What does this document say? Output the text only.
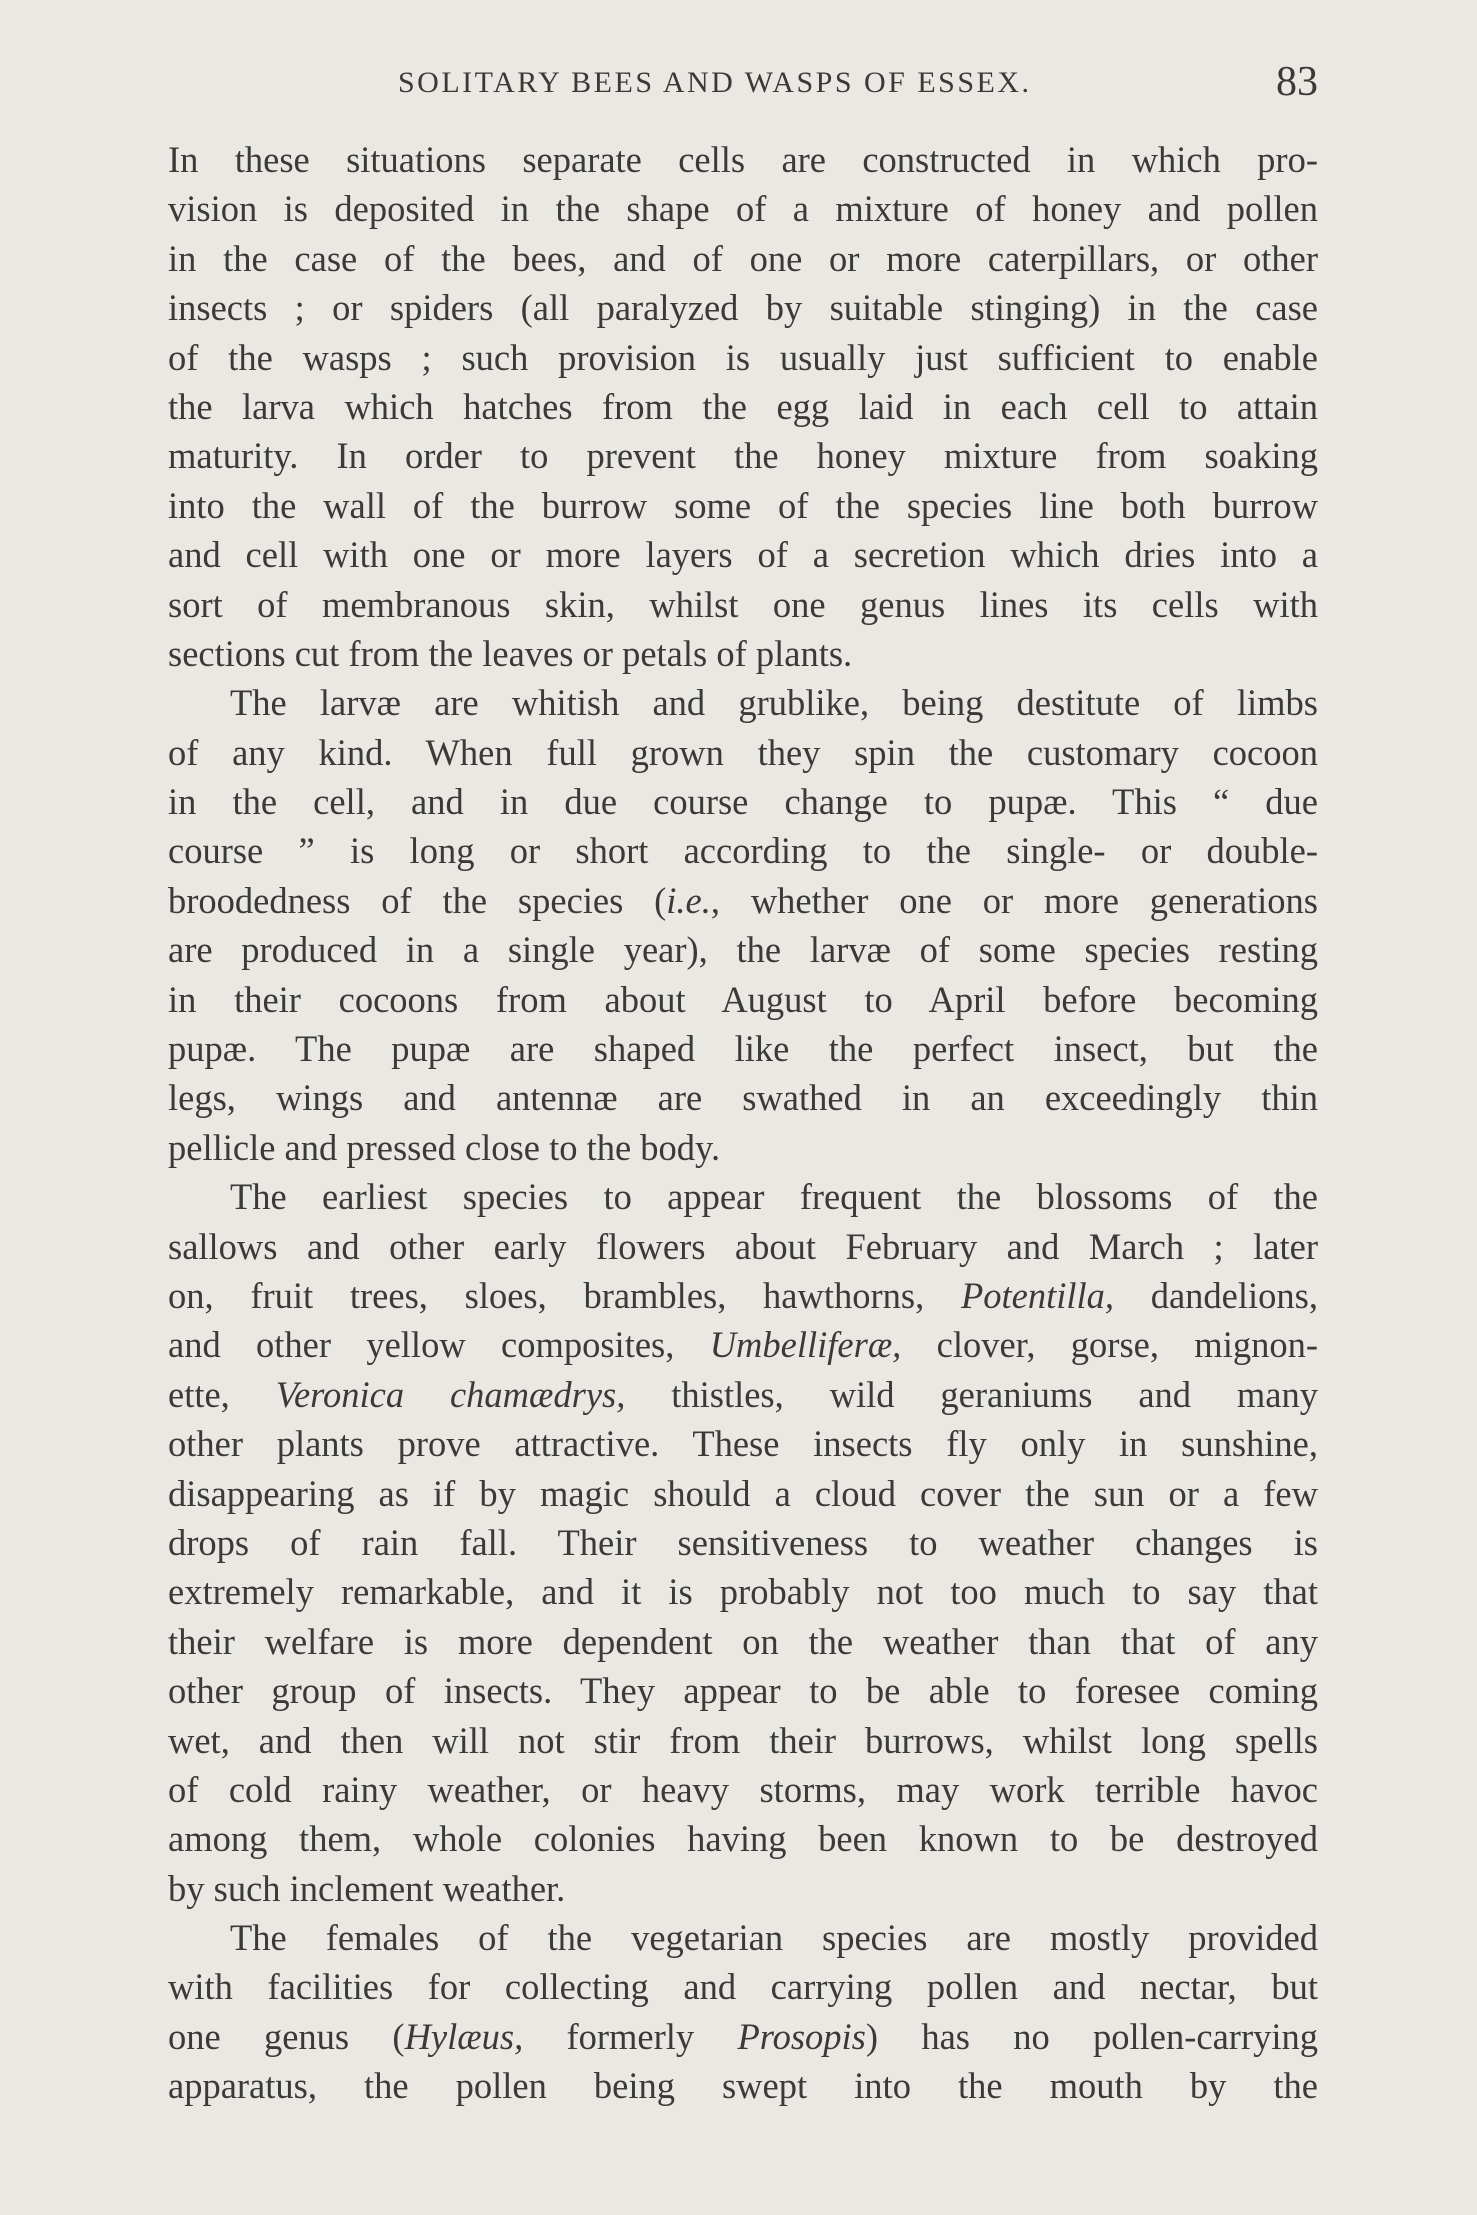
SOLITARY BEES AND WASPS OF ESSEX.	83
In these situations separate cells are constructed in which pro-
vision is deposited in the shape of a mixture of honey and pollen
in the case of the bees, and of one or more caterpillars, or other
insects ; or spiders (all paralyzed by suitable stinging) in the case
of the wasps ; such provision is usually just sufficient to enable
the larva which hatches from the egg laid in each cell to attain
maturity. In order to prevent the honey mixture from soaking
into the wall of the burrow some of the species line both burrow
and cell with one or more layers of a secretion which dries into a
sort of membranous skin, whilst one genus lines its cells with
sections cut from the leaves or petals of plants.
The larvæ are whitish and grublike, being destitute of limbs
of any kind. When full grown they spin the customary cocoon
in the cell, and in due course change to pupæ. This “ due
course ” is long or short according to the single- or double-
broodedness of the species (i.e., whether one or more generations
are produced in a single year), the larvæ of some species resting
in their cocoons from about August to April before becoming
pupæ. The pupæ are shaped like the perfect insect, but the
legs, wings and antennæ are swathed in an exceedingly thin
pellicle and pressed close to the body.
The earliest species to appear frequent the blossoms of the
sallows and other early flowers about February and March ; later
on, fruit trees, sloes, brambles, hawthorns, Potentilla, dandelions,
and other yellow composites, Umbelliferæ, clover, gorse, mignon-
ette, Veronica chamædrys, thistles, wild geraniums and many
other plants prove attractive. These insects fly only in sunshine,
disappearing as if by magic should a cloud cover the sun or a few
drops of rain fall. Their sensitiveness to weather changes is
extremely remarkable, and it is probably not too much to say that
their welfare is more dependent on the weather than that of any
other group of insects. They appear to be able to foresee coming
wet, and then will not stir from their burrows, whilst long spells
of cold rainy weather, or heavy storms, may work terrible havoc
among them, whole colonies having been known to be destroyed
by such inclement weather.
The females of the vegetarian species are mostly provided
with facilities for collecting and carrying pollen and nectar, but
one genus (Hylæus, formerly Prosopis) has no pollen-carrying
apparatus, the pollen being swept into the mouth by the
